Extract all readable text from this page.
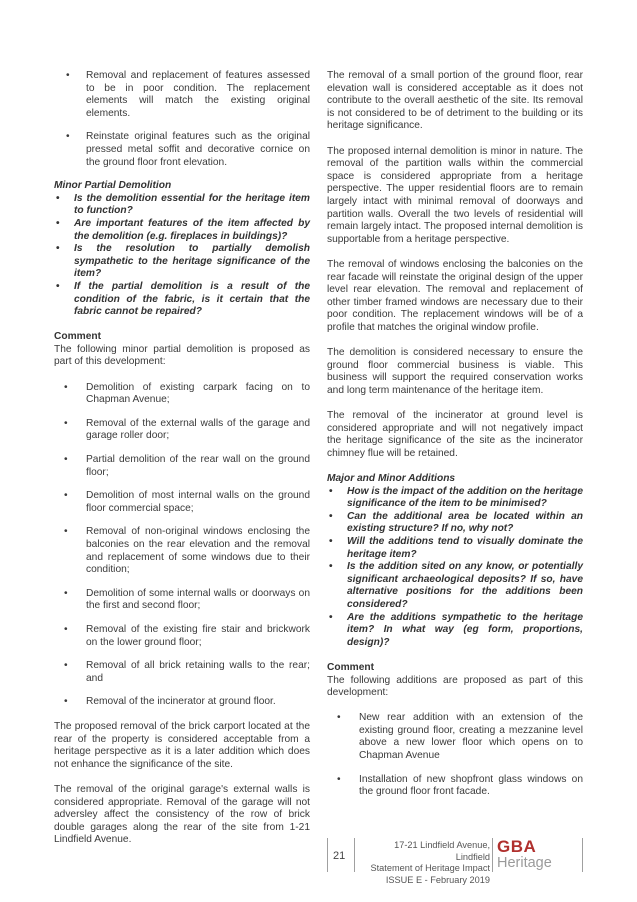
• Removal and replacement of features assessed to be in poor condition. The replacement elements will match the existing original elements.
• Reinstate original features such as the original pressed metal soffit and decorative cornice on the ground floor front elevation.

Minor Partial Demolition

• Is the demolition essential for the heritage item to function?
• Are important features of the item affected by the demolition (e.g. fireplaces in buildings)?
• Is the resolution to partially demolish sympathetic to the heritage significance of the item?
• If the partial demolition is a result of the condition of the fabric, is it certain that the fabric cannot be repaired?

Comment

The following minor partial demolition is proposed as part of this development:

• Demolition of existing carpark facing on to Chapman Avenue;
• Removal of the external walls of the garage and garage roller door;
• Partial demolition of the rear wall on the ground floor;
• Demolition of most internal walls on the ground floor commercial space;
• Removal of non-original windows enclosing the balconies on the rear elevation and the removal and replacement of some windows due to their condition;
• Demolition of some internal walls or doorways on the first and second floor;
• Removal of the existing fire stair and brickwork on the lower ground floor;
• Removal of all brick retaining walls to the rear; and
• Removal of the incinerator at ground floor.

The proposed removal of the brick carport located at the rear of the property is considered acceptable from a heritage perspective as it is a later addition which does not enhance the significance of the site.

The removal of the original garage's external walls is considered appropriate. Removal of the garage will not adversley affect the consistency of the row of brick double garages along the rear of the site from 1-21 Lindfield Avenue.

The removal of a small portion of the ground floor, rear elevation wall is considered acceptable as it does not contribute to the overall aesthetic of the site. Its removal is not considered to be of detriment to the building or its heritage significance.

The proposed internal demolition is minor in nature. The removal of the partition walls within the commercial space is considered appropriate from a heritage perspective. The upper residential floors are to remain largely intact with minimal removal of doorways and partition walls. Overall the two levels of residential will remain largely intact. The proposed internal demolition is supportable from a heritage perspective.

The removal of windows enclosing the balconies on the rear facade will reinstate the original design of the upper level rear elevation. The removal and replacement of other timber framed windows are necessary due to their poor condition. The replacement windows will be of a profile that matches the original window profile.

The demolition is considered necessary to ensure the ground floor commercial business is viable. This business will support the required conservation works and long term maintenance of the heritage item.

The removal of the incinerator at ground level is considered appropriate and will not negatively impact the heritage significance of the site as the incinerator chimney flue will be retained.

Major and Minor Additions

• How is the impact of the addition on the heritage significance of the item to be minimised?
• Can the additional area be located within an existing structure? If no, why not?
• Will the additions tend to visually dominate the heritage item?
• Is the addition sited on any know, or potentially significant archaeological deposits? If so, have alternative positions for the additions been considered?
• Are the additions sympathetic to the heritage item? In what way (eg form, proportions, design)?

Comment

The following additions are proposed as part of this development:

• New rear addition with an extension of the existing ground floor, creating a mezzanine level above a new lower floor which opens on to Chapman Avenue
• Installation of new shopfront glass windows on the ground floor front facade.
21
17-21 Lindfield Avenue, Lindfield
Statement of Heritage Impact
ISSUE E - February 2019
GBA
Heritage
